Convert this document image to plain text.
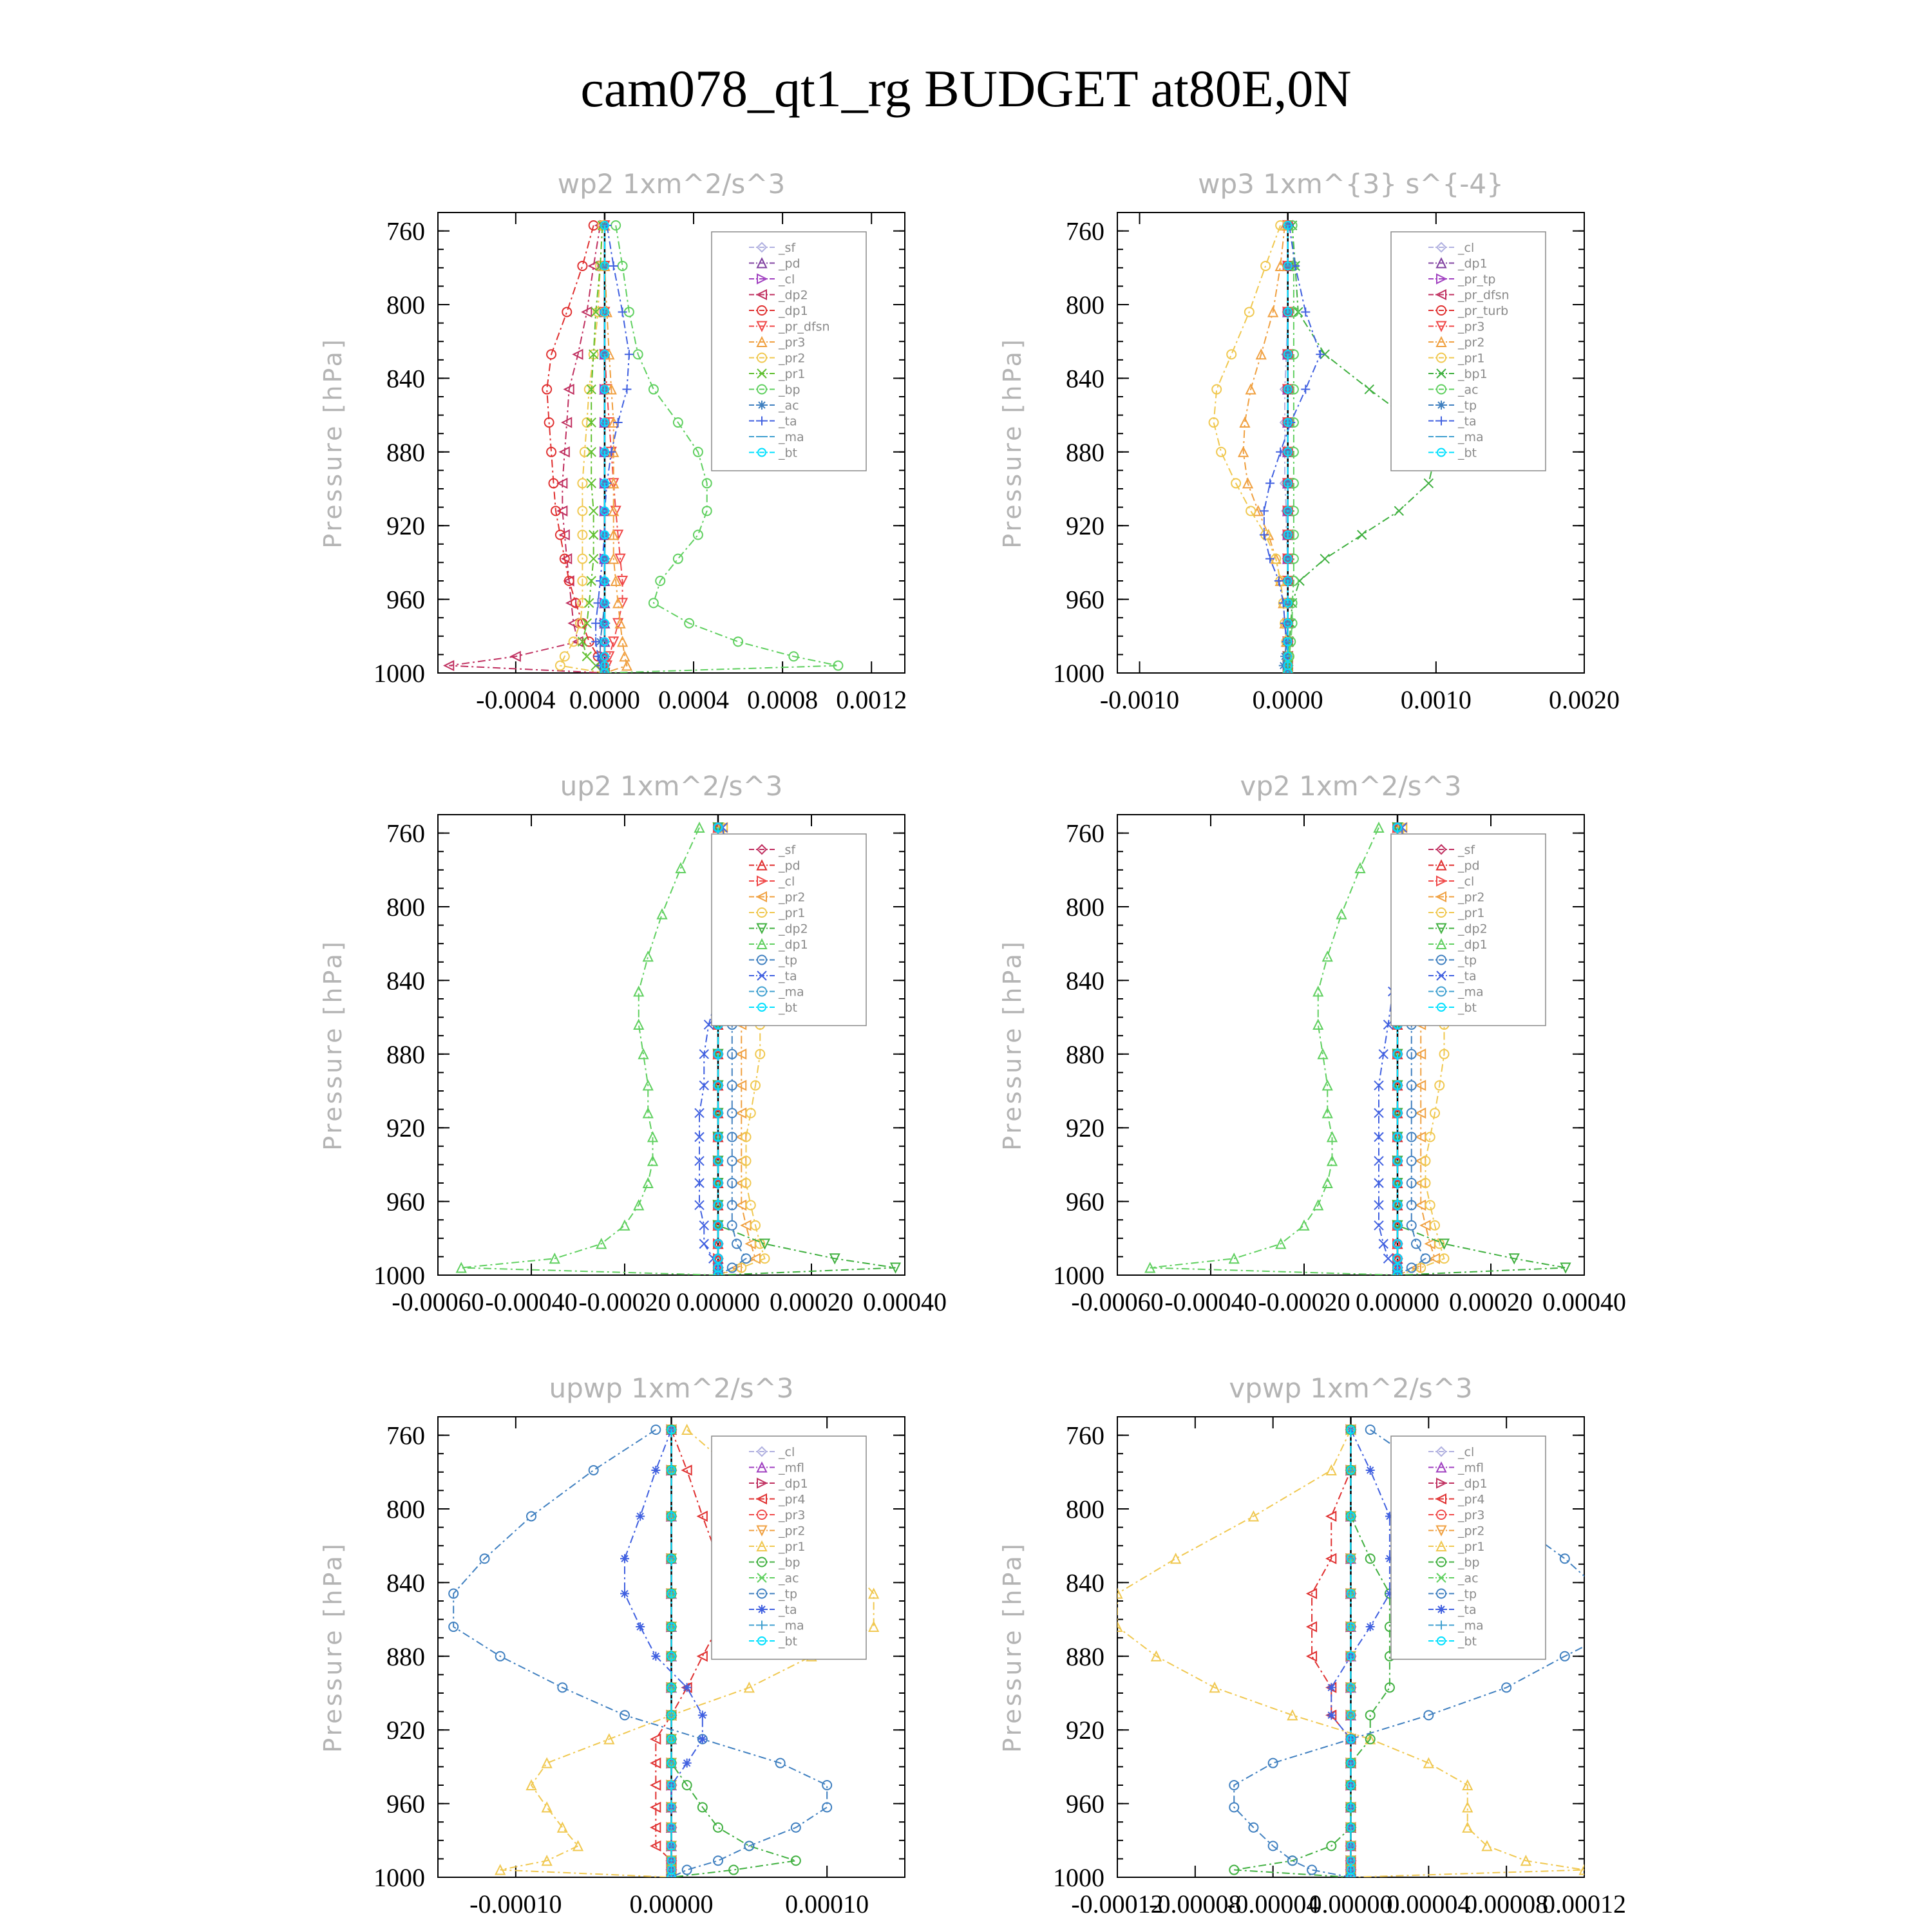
cam078_qt1_rg BUDGET at80E,0N
wp2 1xm^2/s^3
Pressure [hPa]
760
800
840
880
920
960
1000
-0.0004 0.0000 0.0004 0.0008 0.0012
_sf
_pd
_cl
_dp2
_dp1
_pr_dfsn
_pr3
_pr2
_pr1
_bp
_ac
_ta
_ma
_bt
wp3 1xm^{3} s^{-4}
Pressure [hPa]
760
800
840
880
920
960
1000
-0.0010	0.0000	0.0010	0.0020
_cl
_dp1
_pr_tp
_pr_dfsn
_pr_turb
_pr3
_pr2
_pr1
_bp1
_ac
_tp
_ta
_ma
_bt
up2 1xm^2/s^3
Pressure [hPa]
760
800
840
880
920
960
1000
-0.00060 -0.00040 -0.00020 0.00000 0.00020 0.00040
_sf
_pd
_cl
_pr2
_pr1
_dp2
_dp1
_tp
_ta
_ma
_bt
vp2 1xm^2/s^3
Pressure [hPa]
760
800
840
880
920
960
1000
-0.00060 -0.00040 -0.00020 0.00000 0.00020 0.00040
_sf
_pd
_cl
_pr2
_pr1
_dp2
_dp1
_tp
_ta
_ma
_bt
upwp 1xm^2/s^3
Pressure [hPa]
760
800
840
880
920
960
1000
-0.00010	0.00000	0.00010
_cl
_mfl
_dp1
_pr4
_pr3
_pr2
_pr1
_bp
_ac
_tp
_ta
_ma
_bt
vpwp 1xm^2/s^3
Pressure [hPa]
760
800
840
880
920
960
1000
-0.00012
-0.00008
-0.00004
0.00000
0.00004
0.00008
0.00012
_cl
_mfl
_dp1
_pr4
_pr3
_pr2
_pr1
_bp
_ac
_tp
_ta
_ma
_bt
